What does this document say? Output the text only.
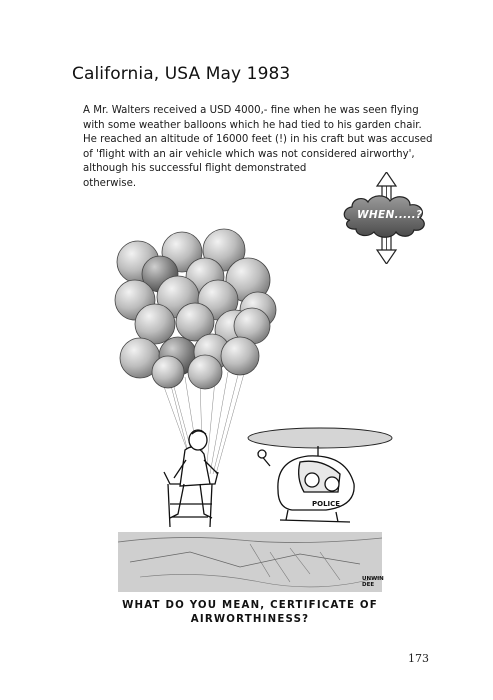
California, USA May 1983
A Mr. Walters received a USD 4000,- fine when he was seen flying
with some weather balloons which he had tied to his garden chair.
He reached an altitude of 16000 feet (!) in his craft but was accused
of 'flight with an air vehicle which was not considered airworthy',
although his successful flight demonstrated
otherwise.
WHEN.....?
POLICE
UNWIN DEE
WHAT DO YOU MEAN, CERTIFICATE OF
AIRWORTHINESS?
173
